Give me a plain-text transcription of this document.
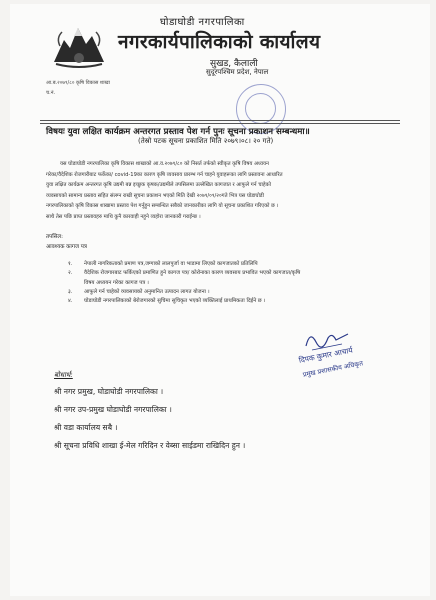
घोडाघोडी नगरपालिका
नगरकार्यपालिकाको कार्यालय
सुखड, कैलाली
सुदूरपश्चिम प्रदेश, नेपाल
आ.ब.२०७९/८० कृषि विकास शाखा
च.नं.
विषयः युवा लक्षित कार्यक्रम अन्तरगत प्रस्ताव पेश गर्न पुनः सूचना प्रकाशन सम्बन्धमा॥
(तेस्रो पटक सूचना प्रकाशित मिति २०७९।०८। २० गते)

यस घोडाघोडी नगरपालिका कृषि विकास शाखाको आ.व.२०७९/८० को निसर्त तर्फको स्वीकृत कृषि विषय अध्ययन

गरेका/वैदेशिक रोजगारीबाट फर्केका/ covid-19का कारण कृषि व्यवसाय प्रारम्भ गर्न चाहने युवाहरूका लागि प्रस्तावना आधारित

युवा लक्षित कार्यक्रम अन्तरगत कृषि उद्यमी बन्न इच्छुक कृषक/उद्यमीले तपसिलमा उल्लेखित कागजात र आफुले गर्न चाहेको

व्यवसायको सामान्य प्रस्ताव सहित संलग्न राखी सूचना प्रकाशन भएको मिति देखी २०७९/०९/२०गते भित्र यस घोडाघोडी

नगरपालिकाको कृषि विकास शाखामा प्रस्ताव पेश गर्नुहुन सम्बन्धित सबैको जानकारीका लागि यो सूचना प्रकाशित गरिएको छ ।

साथै तेस पछि प्राप्त प्रस्तावहरु माथि कुनै कारवाही नहुने व्यहोरा जानकारी गराईन्छ ।

तपसिल:
आवश्यक कागज पत्र
१.	नेपाली नागरिकताको प्रमाण पत्र,जग्गाको लालपुर्जा वा भाडामा लिएको कागजातको प्रतिलिपि
२.	वैदेशिक रोजगारबाट फर्किएको प्रमाणित हुने कागज पत्र/ कोरोनाका कारण व्यवसाय प्रभावित भएको कागजात/कृषि
विषय अध्ययन गरेका कागज पत्र ।
३.	आफुले गर्न चाहेको व्यवसायको अनुमानित उत्पादन लागत योजना ।
४.	घोडाघोडी नगरपालिकाको बेरोजगारको सुचिमा सुचिकृत भएको व्यक्तिलाई प्राथमिकता दिईने छ ।
दिपक कुमार आचार्य
प्रमुख प्रशासकीय अधिकृत
बोधार्थ:
श्री नगर प्रमुख, घोडाघोडी नगरपालिका ।
श्री नगर उप-प्रमुख घोडाघोडी नगरपालिका ।
श्री वडा कार्यालय सबै ।
श्री सूचना प्रविधि शाखा ई-मेल गरिदिन र वेब्सा साईडमा राखिदिन हुन ।
